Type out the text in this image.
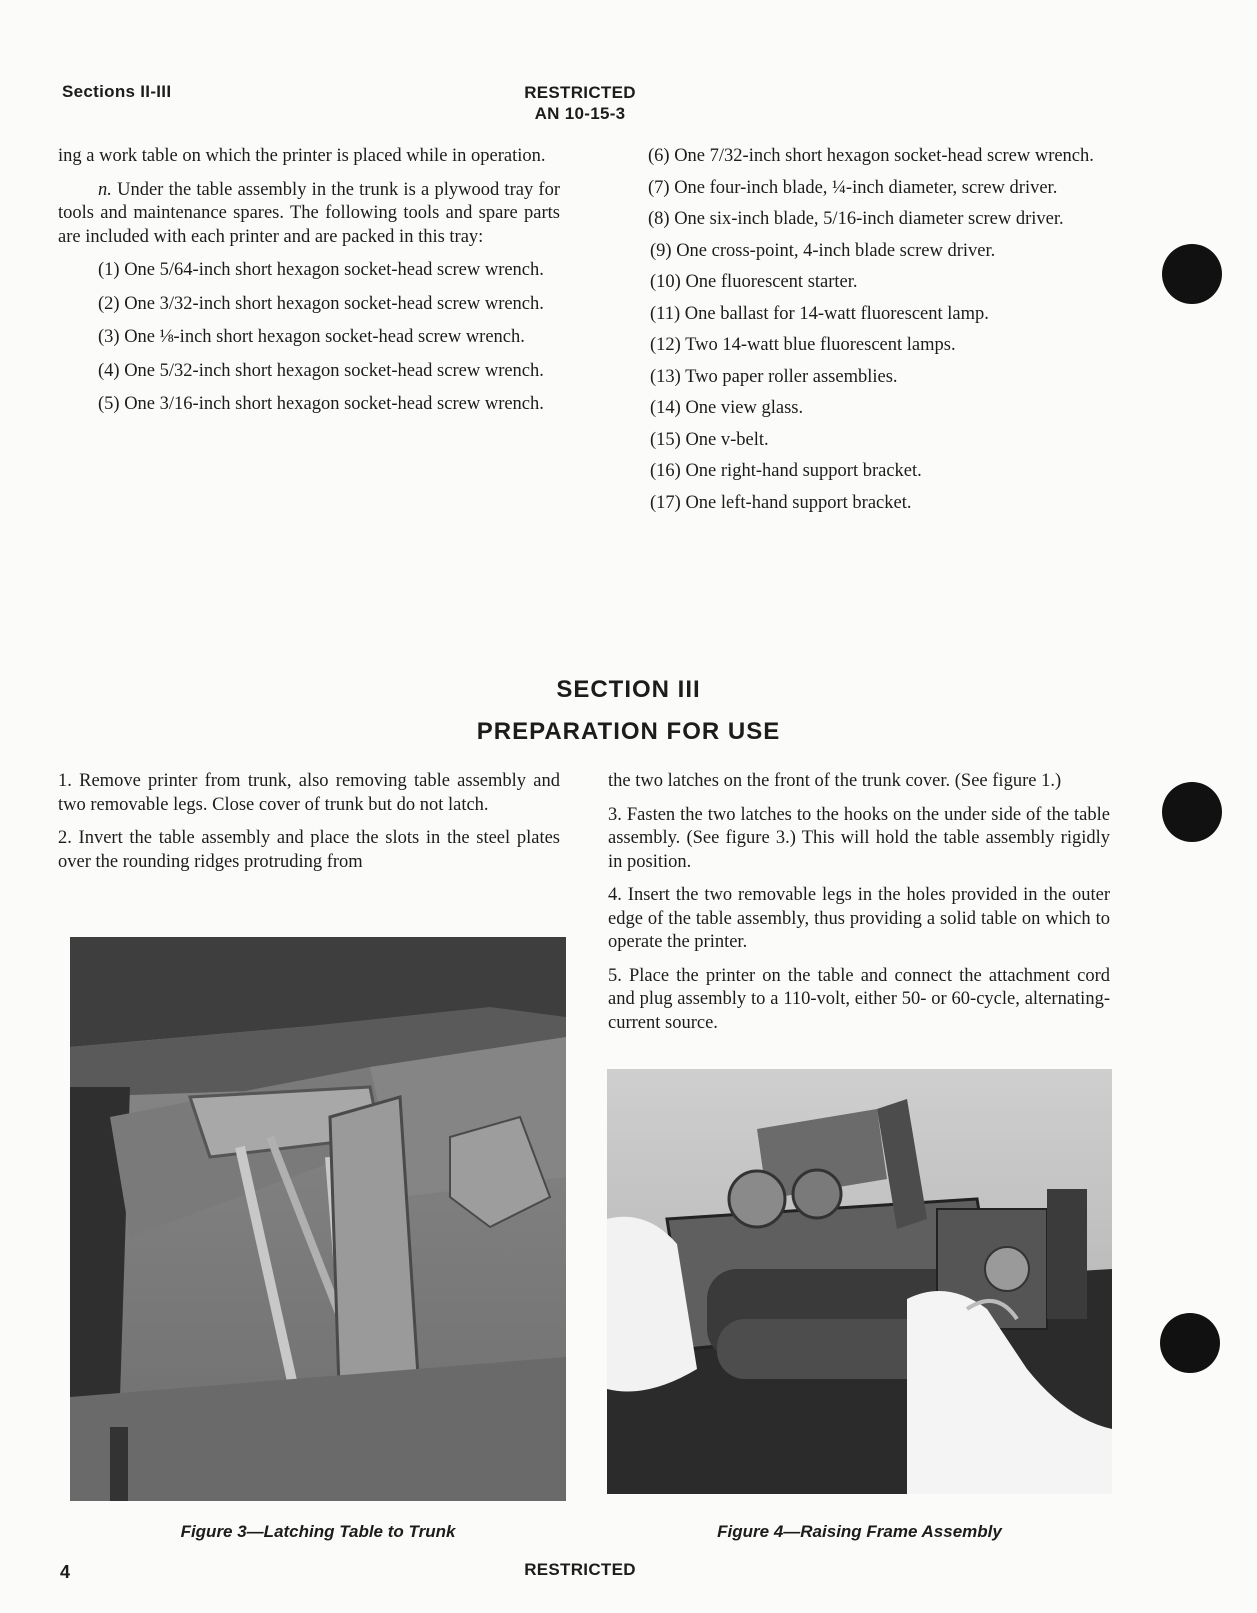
Sections II-III	RESTRICTED
AN 10-15-3

ing a work table on which the printer is placed while in operation.

n. Under the table assembly in the trunk is a plywood tray for tools and maintenance spares. The following tools and spare parts are included with each printer and are packed in this tray:

(1) One 5/64-inch short hexagon socket-head screw wrench.

(2) One 3/32-inch short hexagon socket-head screw wrench.

(3) One ⅛-inch short hexagon socket-head screw wrench.

(4) One 5/32-inch short hexagon socket-head screw wrench.

(5) One 3/16-inch short hexagon socket-head screw wrench.

(6) One 7/32-inch short hexagon socket-head screw wrench.

(7) One four-inch blade, ¼-inch diameter, screw driver.

(8) One six-inch blade, 5/16-inch diameter screw driver.

(9) One cross-point, 4-inch blade screw driver.

(10) One fluorescent starter.

(11) One ballast for 14-watt fluorescent lamp.

(12) Two 14-watt blue fluorescent lamps.

(13) Two paper roller assemblies.

(14) One view glass.

(15) One v-belt.

(16) One right-hand support bracket.

(17) One left-hand support bracket.

SECTION III
PREPARATION FOR USE

1. Remove printer from trunk, also removing table assembly and two removable legs. Close cover of trunk but do not latch.

2. Invert the table assembly and place the slots in the steel plates over the rounding ridges protruding from

the two latches on the front of the trunk cover. (See figure 1.)

3. Fasten the two latches to the hooks on the under side of the table assembly. (See figure 3.) This will hold the table assembly rigidly in position.

4. Insert the two removable legs in the holes provided in the outer edge of the table assembly, thus providing a solid table on which to operate the printer.

5. Place the printer on the table and connect the attachment cord and plug assembly to a 110-volt, either 50- or 60-cycle, alternating-current source.

Figure 3—Latching Table to Trunk	Figure 4—Raising Frame Assembly
4	RESTRICTED
